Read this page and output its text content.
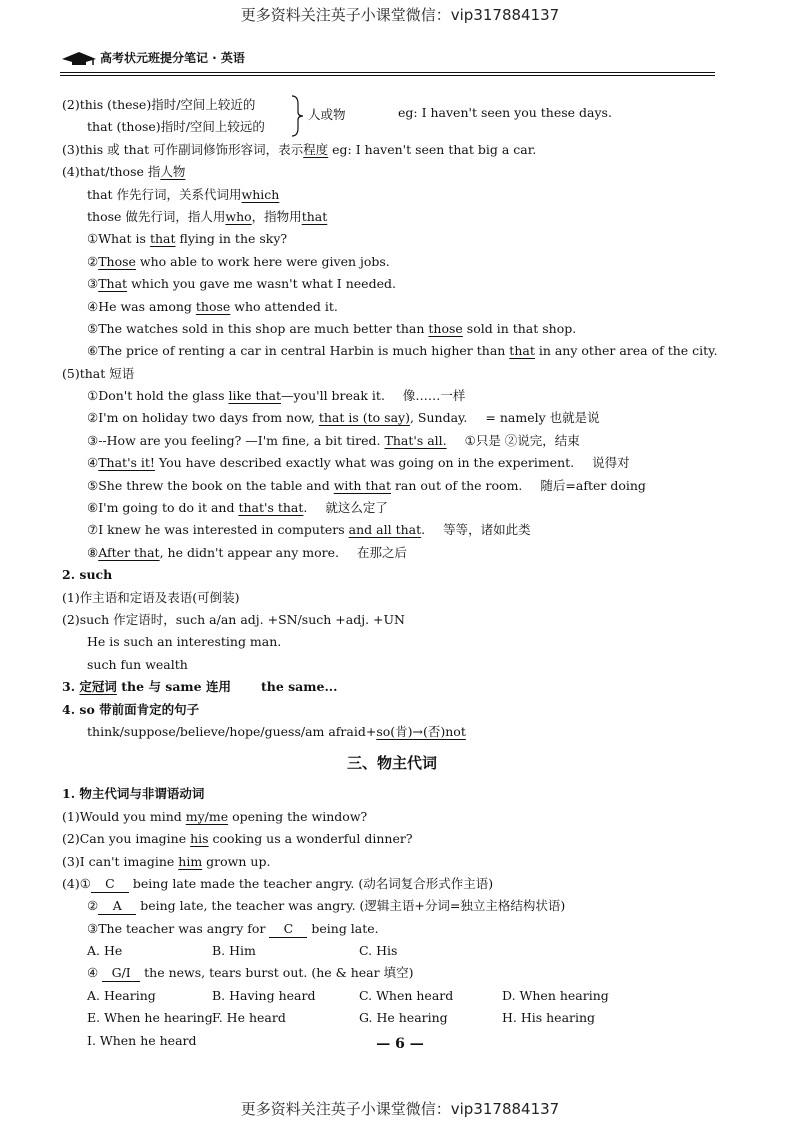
更多资料关注英子小课堂微信：vip317884137
高考状元班提分笔记 · 英语
(2)this (these)指时/空间上较近的
that (those)指时/空间上较远的
人或物	eg: I haven't seen you these days.
(3)this 或 that 可作副词修饰形容词，表示程度 eg: I haven't seen that big a car.
(4)that/those 指人物
that 作先行词，关系代词用which
those 做先行词，指人用who，指物用that
①What is that flying in the sky?
②Those who able to work here were given jobs.
③That which you gave me wasn't what I needed.
④He was among those who attended it.
⑤The watches sold in this shop are much better than those sold in that shop.
⑥The price of renting a car in central Harbin is much higher than that in any other area of the city.
(5)that 短语
①Don't hold the glass like that—you'll break it. 像……一样
②I'm on holiday two days from now, that is (to say), Sunday. = namely 也就是说
③--How are you feeling? —I'm fine, a bit tired. That's all. ①只是 ②说完，结束
④That's it! You have described exactly what was going on in the experiment. 说得对
⑤She threw the book on the table and with that ran out of the room. 随后=after doing
⑥I'm going to do it and that's that. 就这么定了
⑦I knew he was interested in computers and all that. 等等，诸如此类
⑧After that, he didn't appear any more. 在那之后
2. such
(1)作主语和定语及表语(可倒装)
(2)such 作定语时，such a/an adj. +SN/such +adj. +UN
He is such an interesting man.
such fun wealth
3. 定冠词 the 与 same 连用 the same...
4. so 带前面肯定的句子
think/suppose/believe/hope/guess/am afraid+so(肯)→(否)not
三、物主代词
1. 物主代词与非谓语动词
(1)Would you mind my/me opening the window?
(2)Can you imagine his cooking us a wonderful dinner?
(3)I can't imagine him grown up.
(4)① C being late made the teacher angry. (动名词复合形式作主语)
② A being late, the teacher was angry. (逻辑主语+分词=独立主格结构状语)
③The teacher was angry for C being late.
A. He	B. Him	C. His
④ G/I the news, tears burst out. (he & hear 填空)
A. Hearing	B. Having heard	C. When heard	D. When hearing
E. When he hearing F. He heard	G. He hearing	H. His hearing
I. When he heard	— 6 —
更多资料关注英子小课堂微信：vip317884137
